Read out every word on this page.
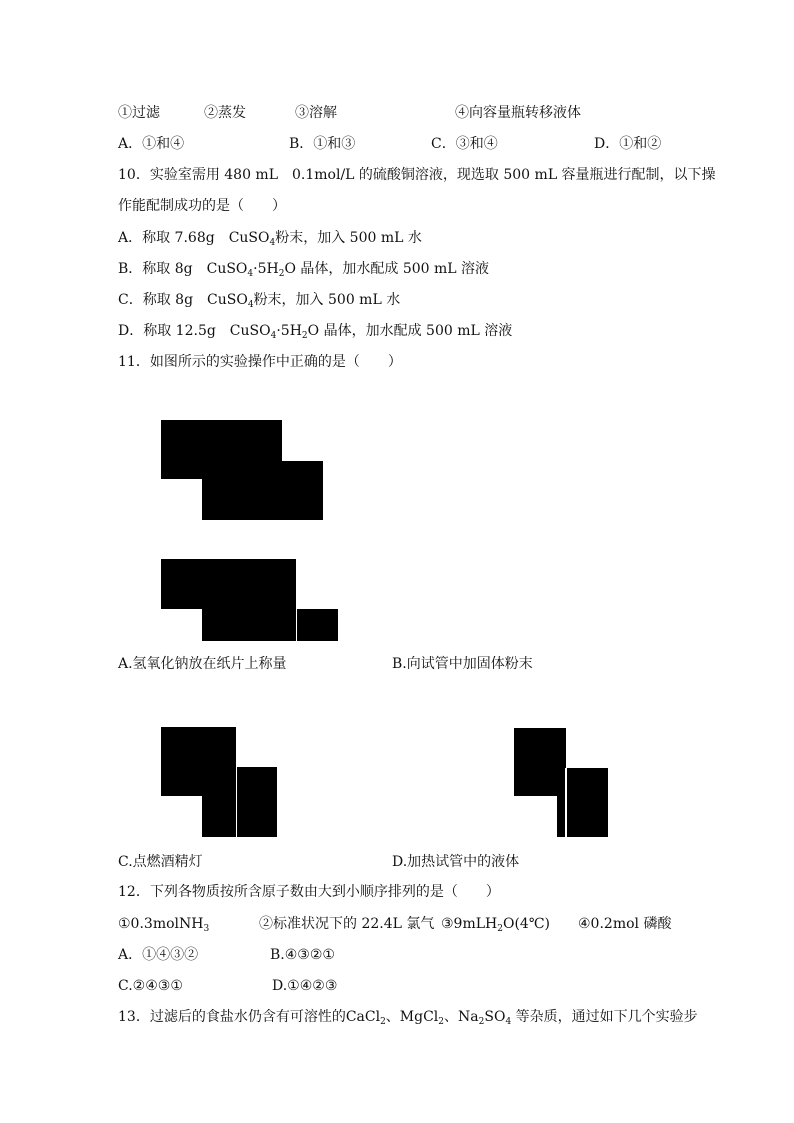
①过滤	②蒸发	③溶解	④向容量瓶转移液体
A．①和④	B．①和③	C．③和④	D．①和②
10．实验室需用 480 mL　0.1mol/L 的硫酸铜溶液，现选取 500 mL 容量瓶进行配制，以下操
作能配制成功的是（　　）
A．称取 7.68g　CuSO$_4$粉末，加入 500 mL 水
B．称取 8g　$CuSO_4\cdot 5H_2O$ 晶体，加水配成 500 mL 溶液
C．称取 8g　CuSO$_4$粉末，加入 500 mL 水
D．称取 12.5g　$CuSO_4\cdot 5H_2O$ 晶体，加水配成 500 mL 溶液
11．如图所示的实验操作中正确的是（　　）
A.氢氧化钠放在纸片上称量	B.向试管中加固体粉末
C.点燃酒精灯	D.加热试管中的液体
12．下列各物质按所含原子数由大到小顺序排列的是（　　）
①0.3molNH$_3$	②标准状况下的 22.4L 氯气 ③9mLH$_2$O(4℃) ④0.2mol 磷酸
A．①④③②	B.④③②①
C.②④③①	D.①④②③
13．过滤后的食盐水仍含有可溶性的CaCl$_2$、MgCl$_2$、$Na_2SO_4$ 等杂质，通过如下几个实验步
